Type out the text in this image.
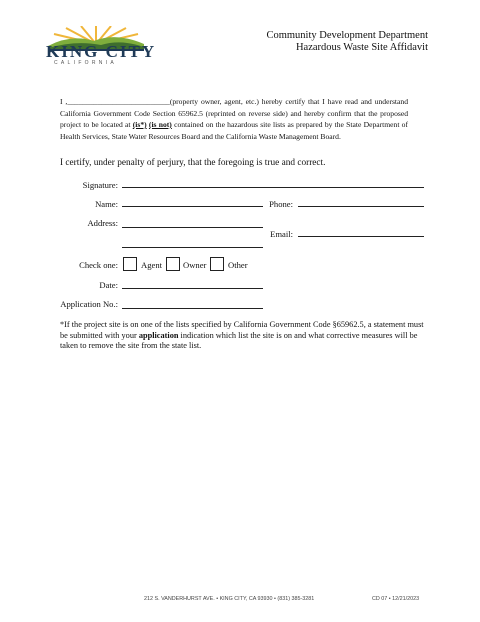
KING CITY
CALIFORNIA
Community Development Department
Hazardous Waste Site Affidavit
I ,___________________________(property owner, agent, etc.) hereby certify that I have read and understand California Government Code Section 65962.5 (reprinted on reverse side) and hereby confirm that the proposed project to be located at (is*) (is not) contained on the hazardous site lists as prepared by the State Department of Health Services, State Water Resources Board and the California Waste Management Board.
I certify, under penalty of perjury, that the foregoing is true and correct.
Signature:
Name:	Phone:
Address:
Email:
Check one:	Agent Owner	Other
Date:
Application No.:
*If the project site is on one of the lists specified by California Government Code §65962.5, a statement must be submitted with your application indication which list the site is on and what corrective measures will be taken to remove the site from the state list.
212 S. VANDERHURST AVE. • KING CITY, CA 93930 • (831) 385-3281	CD 07 • 12/21/2023
